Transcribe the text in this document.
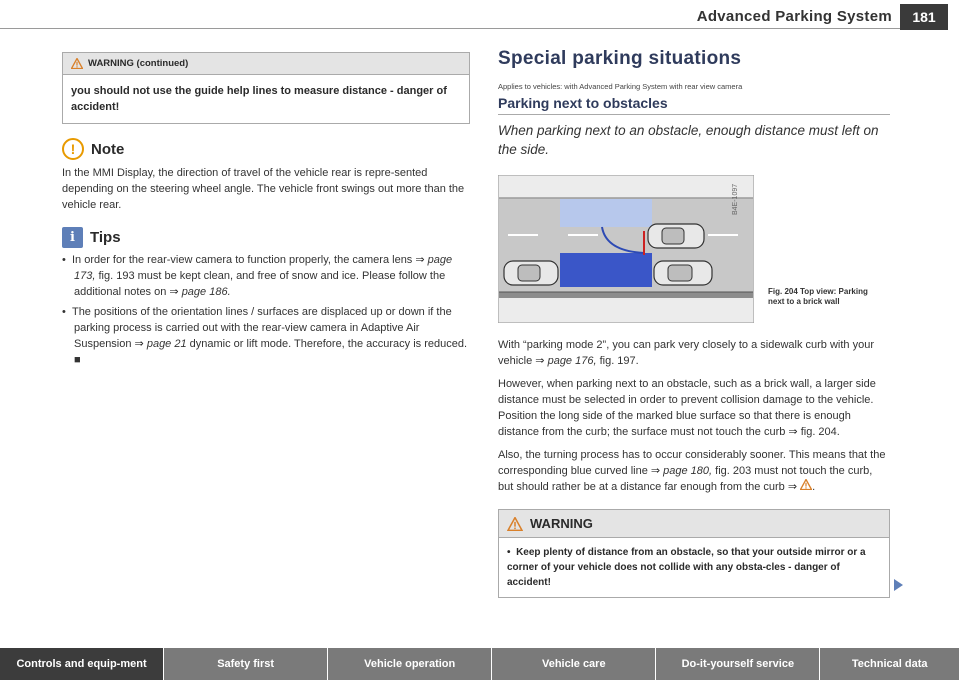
Advanced Parking System	181
WARNING (continued)
you should not use the guide help lines to measure distance - danger of accident!
!	Note
In the MMI Display, the direction of travel of the vehicle rear is repre-sented depending on the steering wheel angle. The vehicle front swings out more than the vehicle rear.
i	Tips
•  In order for the rear-view camera to function properly, the camera lens ⇒ page 173, fig. 193 must be kept clean, and free of snow and ice. Please follow the additional notes on ⇒ page 186.
•  The positions of the orientation lines / surfaces are displaced up or down if the parking process is carried out with the rear-view camera in Adaptive Air Suspension ⇒ page 21 dynamic or lift mode. Therefore, the accuracy is reduced. ■
Special parking situations
Applies to vehicles: with Advanced Parking System with rear view camera
Parking next to obstacles
When parking next to an obstacle, enough distance must left on the side.
B4E-1097
Fig. 204 Top view: Parking next to a brick wall
With “parking mode 2”, you can park very closely to a sidewalk curb with your vehicle ⇒ page 176, fig. 197.
However, when parking next to an obstacle, such as a brick wall, a larger side distance must be selected in order to prevent collision damage to the vehicle. Position the long side of the marked blue surface so that there is enough distance from the curb; the surface must not touch the curb ⇒ fig. 204.
Also, the turning process has to occur considerably sooner. This means that the corresponding blue curved line ⇒ page 180, fig. 203 must not touch the curb, but should rather be at a distance far enough from the curb ⇒ .
WARNING
•  Keep plenty of distance from an obstacle, so that your outside mirror or a corner of your vehicle does not collide with any obsta-cles - danger of accident!
Controls and equip-ment	Safety first	Vehicle operation	Vehicle care	Do-it-yourself service	Technical data
